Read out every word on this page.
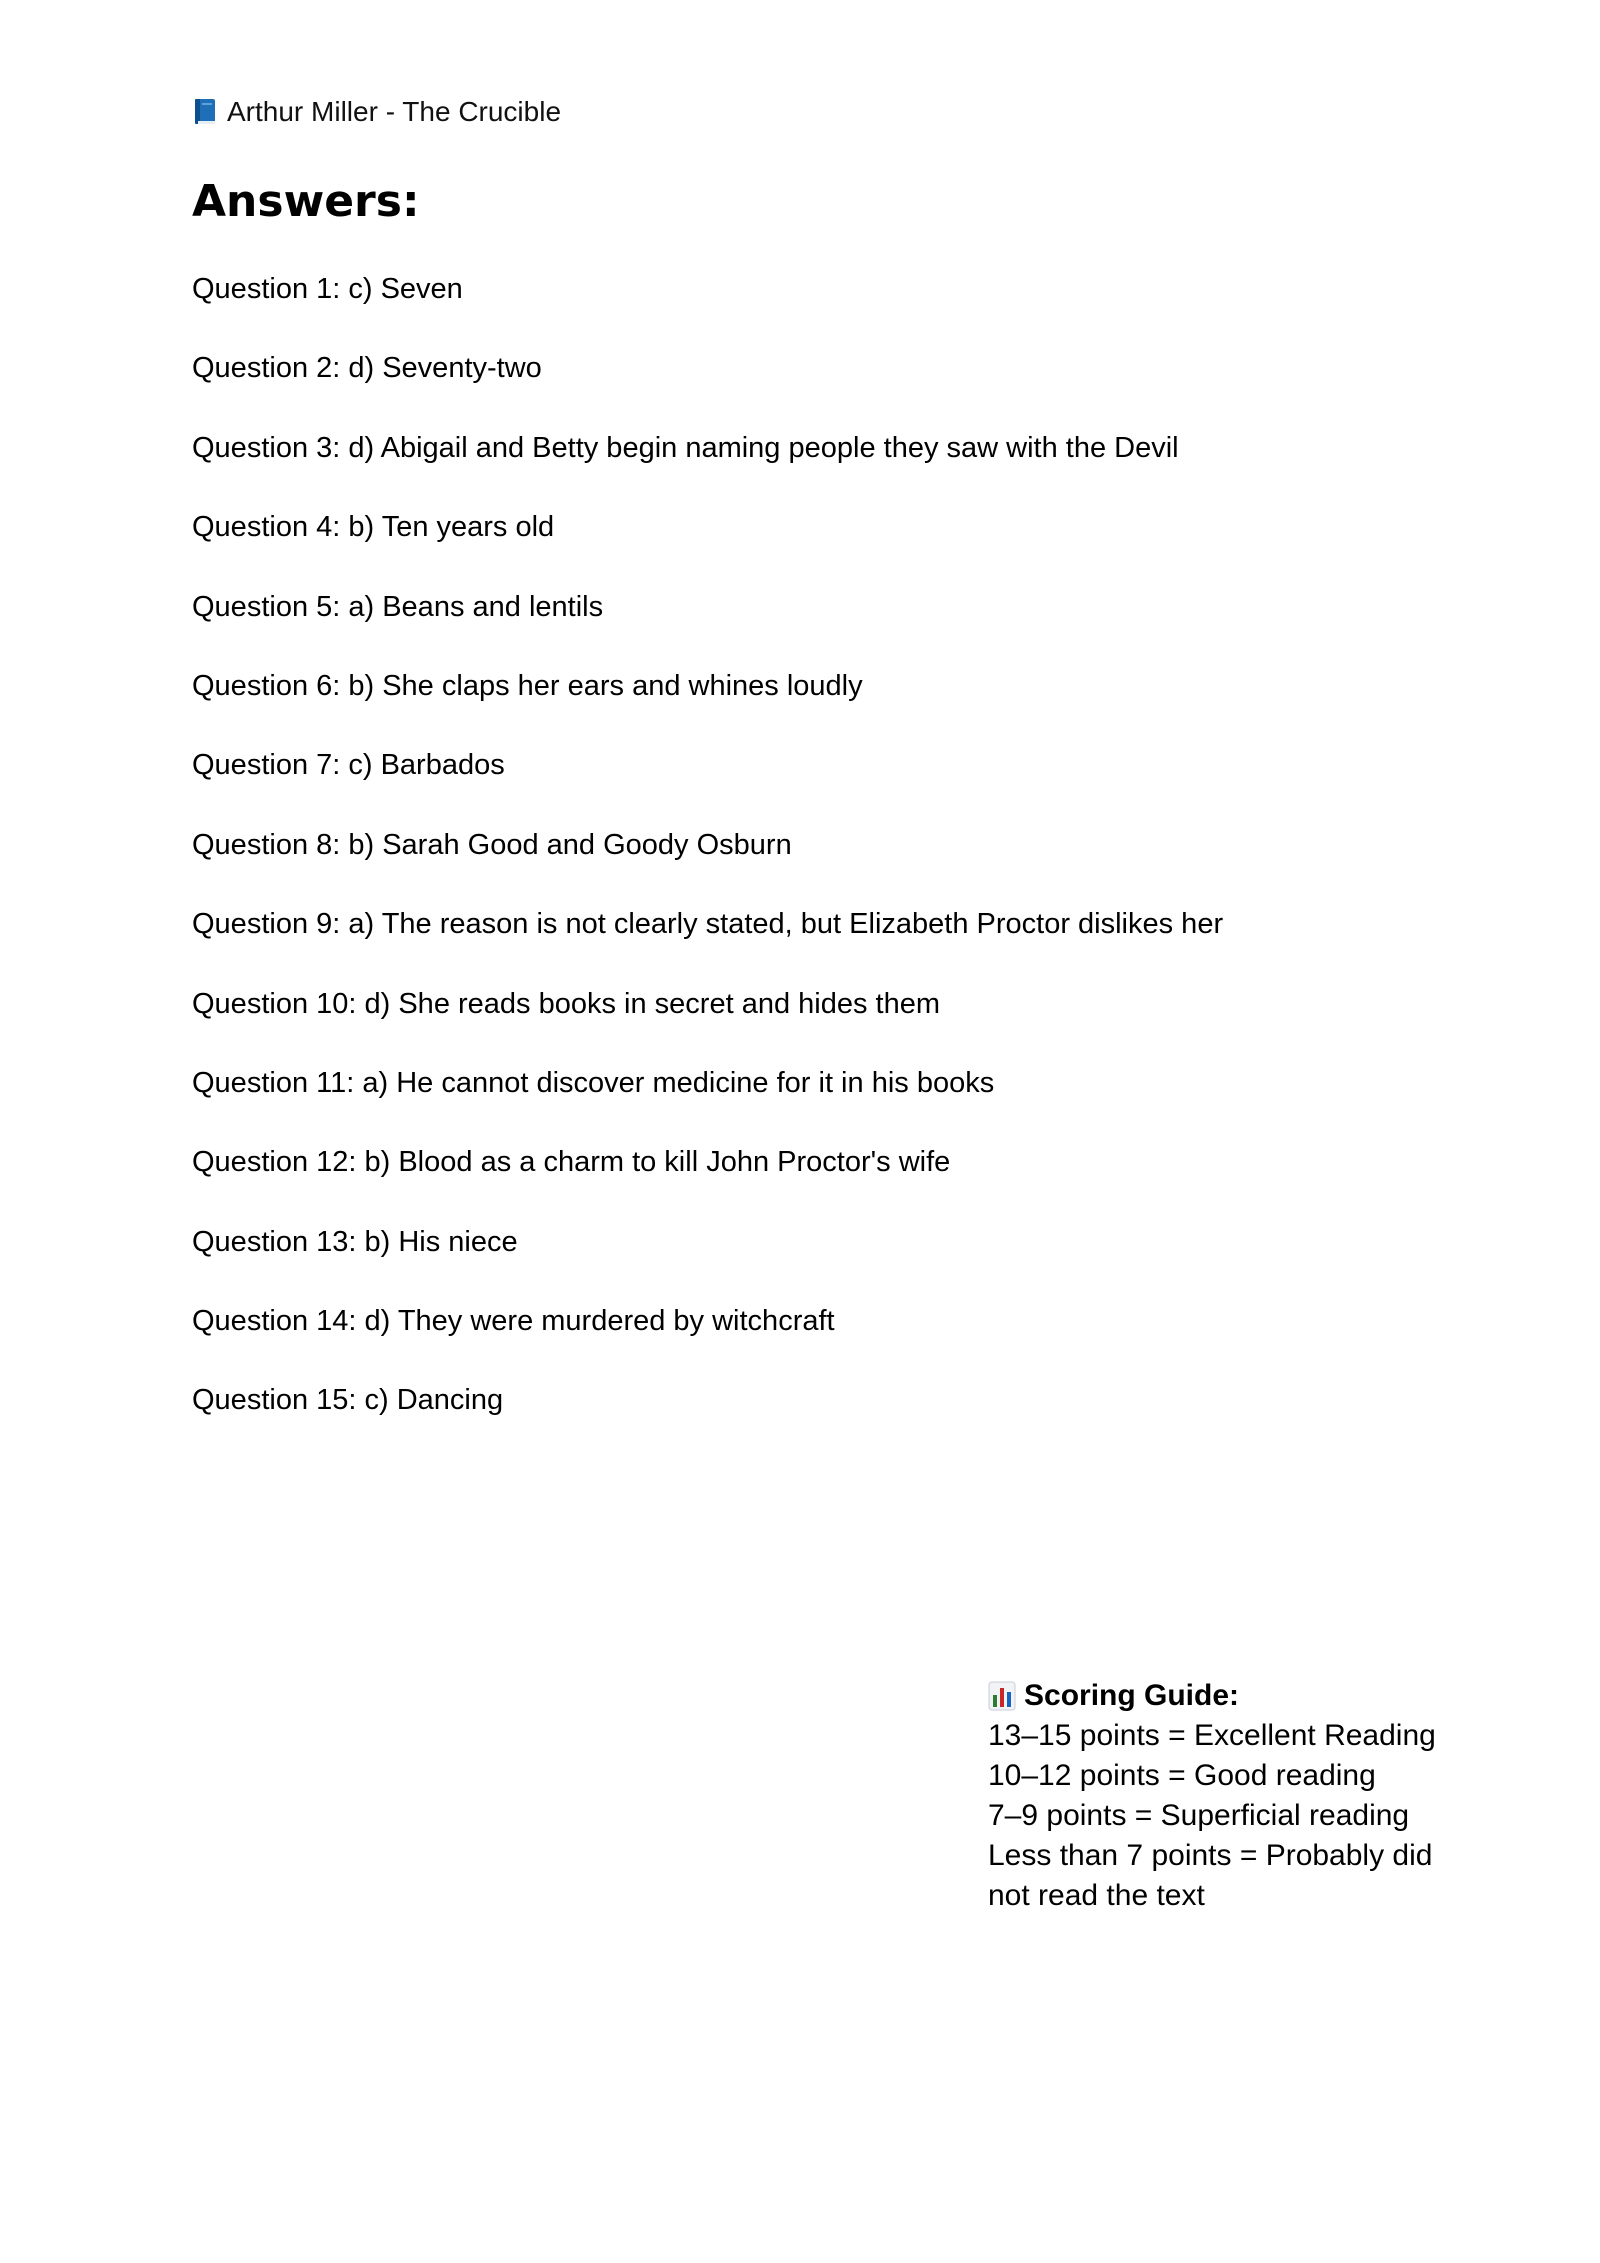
Arthur Miller - The Crucible
Answers:
Question 1: c) Seven
Question 2: d) Seventy-two
Question 3: d) Abigail and Betty begin naming people they saw with the Devil
Question 4: b) Ten years old
Question 5: a) Beans and lentils
Question 6: b) She claps her ears and whines loudly
Question 7: c) Barbados
Question 8: b) Sarah Good and Goody Osburn
Question 9: a) The reason is not clearly stated, but Elizabeth Proctor dislikes her
Question 10: d) She reads books in secret and hides them
Question 11: a) He cannot discover medicine for it in his books
Question 12: b) Blood as a charm to kill John Proctor's wife
Question 13: b) His niece
Question 14: d) They were murdered by witchcraft
Question 15: c) Dancing
Scoring Guide:
13–15 points = Excellent Reading
10–12 points = Good reading
7–9 points = Superficial reading
Less than 7 points = Probably did
not read the text
